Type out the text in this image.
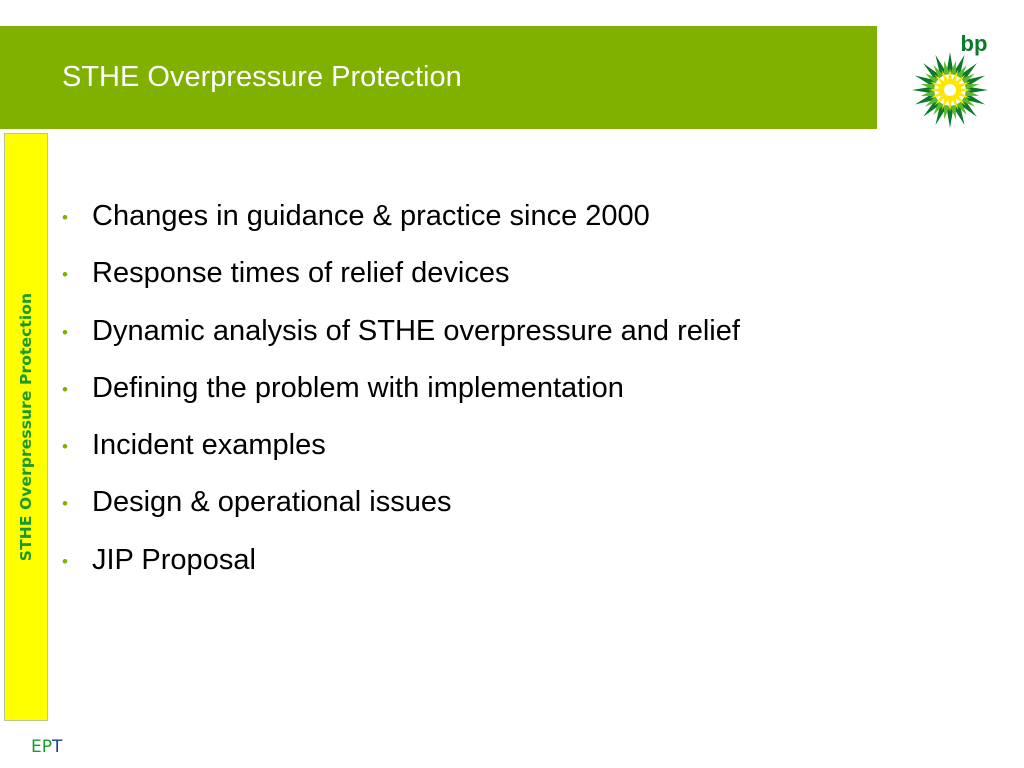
STHE Overpressure Protection
bp
STHE Overpressure Protection
• Changes in guidance & practice since 2000
• Response times of relief devices
• Dynamic analysis of STHE overpressure and relief
• Defining the problem with implementation
• Incident examples
• Design & operational issues
• JIP Proposal
EPT
